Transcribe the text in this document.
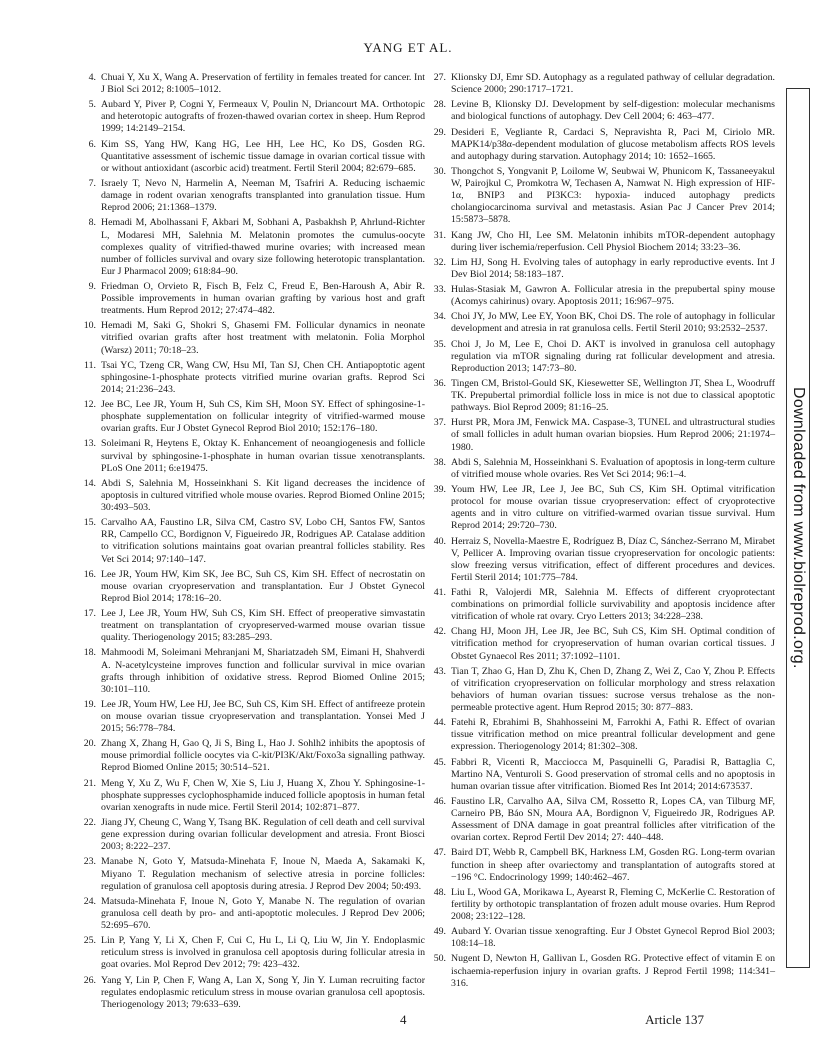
YANG ET AL.
4. Chuai Y, Xu X, Wang A. Preservation of fertility in females treated for cancer. Int J Biol Sci 2012; 8:1005–1012.
5. Aubard Y, Piver P, Cogni Y, Fermeaux V, Poulin N, Driancourt MA. Orthotopic and heterotopic autografts of frozen-thawed ovarian cortex in sheep. Hum Reprod 1999; 14:2149–2154.
6. Kim SS, Yang HW, Kang HG, Lee HH, Lee HC, Ko DS, Gosden RG. Quantitative assessment of ischemic tissue damage in ovarian cortical tissue with or without antioxidant (ascorbic acid) treatment. Fertil Steril 2004; 82:679–685.
7. Israely T, Nevo N, Harmelin A, Neeman M, Tsafriri A. Reducing ischaemic damage in rodent ovarian xenografts transplanted into granulation tissue. Hum Reprod 2006; 21:1368–1379.
8. Hemadi M, Abolhassani F, Akbari M, Sobhani A, Pasbakhsh P, Ahrlund-Richter L, Modaresi MH, Salehnia M. Melatonin promotes the cumulus-oocyte complexes quality of vitrified-thawed murine ovaries; with increased mean number of follicles survival and ovary size following heterotopic transplantation. Eur J Pharmacol 2009; 618:84–90.
9. Friedman O, Orvieto R, Fisch B, Felz C, Freud E, Ben-Haroush A, Abir R. Possible improvements in human ovarian grafting by various host and graft treatments. Hum Reprod 2012; 27:474–482.
10. Hemadi M, Saki G, Shokri S, Ghasemi FM. Follicular dynamics in neonate vitrified ovarian grafts after host treatment with melatonin. Folia Morphol (Warsz) 2011; 70:18–23.
11. Tsai YC, Tzeng CR, Wang CW, Hsu MI, Tan SJ, Chen CH. Antiapoptotic agent sphingosine-1-phosphate protects vitrified murine ovarian grafts. Reprod Sci 2014; 21:236–243.
12. Jee BC, Lee JR, Youm H, Suh CS, Kim SH, Moon SY. Effect of sphingosine-1-phosphate supplementation on follicular integrity of vitrified-warmed mouse ovarian grafts. Eur J Obstet Gynecol Reprod Biol 2010; 152:176–180.
13. Soleimani R, Heytens E, Oktay K. Enhancement of neoangiogenesis and follicle survival by sphingosine-1-phosphate in human ovarian tissue xenotransplants. PLoS One 2011; 6:e19475.
14. Abdi S, Salehnia M, Hosseinkhani S. Kit ligand decreases the incidence of apoptosis in cultured vitrified whole mouse ovaries. Reprod Biomed Online 2015; 30:493–503.
15. Carvalho AA, Faustino LR, Silva CM, Castro SV, Lobo CH, Santos FW, Santos RR, Campello CC, Bordignon V, Figueiredo JR, Rodrigues AP. Catalase addition to vitrification solutions maintains goat ovarian preantral follicles stability. Res Vet Sci 2014; 97:140–147.
16. Lee JR, Youm HW, Kim SK, Jee BC, Suh CS, Kim SH. Effect of necrostatin on mouse ovarian cryopreservation and transplantation. Eur J Obstet Gynecol Reprod Biol 2014; 178:16–20.
17. Lee J, Lee JR, Youm HW, Suh CS, Kim SH. Effect of preoperative simvastatin treatment on transplantation of cryopreserved-warmed mouse ovarian tissue quality. Theriogenology 2015; 83:285–293.
18. Mahmoodi M, Soleimani Mehranjani M, Shariatzadeh SM, Eimani H, Shahverdi A. N-acetylcysteine improves function and follicular survival in mice ovarian grafts through inhibition of oxidative stress. Reprod Biomed Online 2015; 30:101–110.
19. Lee JR, Youm HW, Lee HJ, Jee BC, Suh CS, Kim SH. Effect of antifreeze protein on mouse ovarian tissue cryopreservation and transplantation. Yonsei Med J 2015; 56:778–784.
20. Zhang X, Zhang H, Gao Q, Ji S, Bing L, Hao J. Sohlh2 inhibits the apoptosis of mouse primordial follicle oocytes via C-kit/PI3K/Akt/Foxo3a signalling pathway. Reprod Biomed Online 2015; 30:514–521.
21. Meng Y, Xu Z, Wu F, Chen W, Xie S, Liu J, Huang X, Zhou Y. Sphingosine-1-phosphate suppresses cyclophosphamide induced follicle apoptosis in human fetal ovarian xenografts in nude mice. Fertil Steril 2014; 102:871–877.
22. Jiang JY, Cheung C, Wang Y, Tsang BK. Regulation of cell death and cell survival gene expression during ovarian follicular development and atresia. Front Biosci 2003; 8:222–237.
23. Manabe N, Goto Y, Matsuda-Minehata F, Inoue N, Maeda A, Sakamaki K, Miyano T. Regulation mechanism of selective atresia in porcine follicles: regulation of granulosa cell apoptosis during atresia. J Reprod Dev 2004; 50:493.
24. Matsuda-Minehata F, Inoue N, Goto Y, Manabe N. The regulation of ovarian granulosa cell death by pro- and anti-apoptotic molecules. J Reprod Dev 2006; 52:695–670.
25. Lin P, Yang Y, Li X, Chen F, Cui C, Hu L, Li Q, Liu W, Jin Y. Endoplasmic reticulum stress is involved in granulosa cell apoptosis during follicular atresia in goat ovaries. Mol Reprod Dev 2012; 79: 423–432.
26. Yang Y, Lin P, Chen F, Wang A, Lan X, Song Y, Jin Y. Luman recruiting factor regulates endoplasmic reticulum stress in mouse ovarian granulosa cell apoptosis. Theriogenology 2013; 79:633–639.
27. Klionsky DJ, Emr SD. Autophagy as a regulated pathway of cellular degradation. Science 2000; 290:1717–1721.
28. Levine B, Klionsky DJ. Development by self-digestion: molecular mechanisms and biological functions of autophagy. Dev Cell 2004; 6: 463–477.
29. Desideri E, Vegliante R, Cardaci S, Nepravishta R, Paci M, Ciriolo MR. MAPK14/p38α-dependent modulation of glucose metabolism affects ROS levels and autophagy during starvation. Autophagy 2014; 10: 1652–1665.
30. Thongchot S, Yongvanit P, Loilome W, Seubwai W, Phunicom K, Tassaneeyakul W, Pairojkul C, Promkotra W, Techasen A, Namwat N. High expression of HIF-1α, BNIP3 and PI3KC3: hypoxia- induced autophagy predicts cholangiocarcinoma survival and metastasis. Asian Pac J Cancer Prev 2014; 15:5873–5878.
31. Kang JW, Cho HI, Lee SM. Melatonin inhibits mTOR-dependent autophagy during liver ischemia/reperfusion. Cell Physiol Biochem 2014; 33:23–36.
32. Lim HJ, Song H. Evolving tales of autophagy in early reproductive events. Int J Dev Biol 2014; 58:183–187.
33. Hulas-Stasiak M, Gawron A. Follicular atresia in the prepubertal spiny mouse (Acomys cahirinus) ovary. Apoptosis 2011; 16:967–975.
34. Choi JY, Jo MW, Lee EY, Yoon BK, Choi DS. The role of autophagy in follicular development and atresia in rat granulosa cells. Fertil Steril 2010; 93:2532–2537.
35. Choi J, Jo M, Lee E, Choi D. AKT is involved in granulosa cell autophagy regulation via mTOR signaling during rat follicular development and atresia. Reproduction 2013; 147:73–80.
36. Tingen CM, Bristol-Gould SK, Kiesewetter SE, Wellington JT, Shea L, Woodruff TK. Prepubertal primordial follicle loss in mice is not due to classical apoptotic pathways. Biol Reprod 2009; 81:16–25.
37. Hurst PR, Mora JM, Fenwick MA. Caspase-3, TUNEL and ultrastructural studies of small follicles in adult human ovarian biopsies. Hum Reprod 2006; 21:1974–1980.
38. Abdi S, Salehnia M, Hosseinkhani S. Evaluation of apoptosis in long-term culture of vitrified mouse whole ovaries. Res Vet Sci 2014; 96:1–4.
39. Youm HW, Lee JR, Lee J, Jee BC, Suh CS, Kim SH. Optimal vitrification protocol for mouse ovarian tissue cryopreservation: effect of cryoprotective agents and in vitro culture on vitrified-warmed ovarian tissue survival. Hum Reprod 2014; 29:720–730.
40. Herraiz S, Novella-Maestre E, Rodríguez B, Díaz C, Sánchez-Serrano M, Mirabet V, Pellicer A. Improving ovarian tissue cryopreservation for oncologic patients: slow freezing versus vitrification, effect of different procedures and devices. Fertil Steril 2014; 101:775–784.
41. Fathi R, Valojerdi MR, Salehnia M. Effects of different cryoprotectant combinations on primordial follicle survivability and apoptosis incidence after vitrification of whole rat ovary. Cryo Letters 2013; 34:228–238.
42. Chang HJ, Moon JH, Lee JR, Jee BC, Suh CS, Kim SH. Optimal condition of vitrification method for cryopreservation of human ovarian cortical tissues. J Obstet Gynaecol Res 2011; 37:1092–1101.
43. Tian T, Zhao G, Han D, Zhu K, Chen D, Zhang Z, Wei Z, Cao Y, Zhou P. Effects of vitrification cryopreservation on follicular morphology and stress relaxation behaviors of human ovarian tissues: sucrose versus trehalose as the non-permeable protective agent. Hum Reprod 2015; 30: 877–883.
44. Fatehi R, Ebrahimi B, Shahhosseini M, Farrokhi A, Fathi R. Effect of ovarian tissue vitrification method on mice preantral follicular development and gene expression. Theriogenology 2014; 81:302–308.
45. Fabbri R, Vicenti R, Macciocca M, Pasquinelli G, Paradisi R, Battaglia C, Martino NA, Venturoli S. Good preservation of stromal cells and no apoptosis in human ovarian tissue after vitrification. Biomed Res Int 2014; 2014:673537.
46. Faustino LR, Carvalho AA, Silva CM, Rossetto R, Lopes CA, van Tilburg MF, Carneiro PB, Báo SN, Moura AA, Bordignon V, Figueiredo JR, Rodrigues AP. Assessment of DNA damage in goat preantral follicles after vitrification of the ovarian cortex. Reprod Fertil Dev 2014; 27: 440–448.
47. Baird DT, Webb R, Campbell BK, Harkness LM, Gosden RG. Long-term ovarian function in sheep after ovariectomy and transplantation of autografts stored at −196 °C. Endocrinology 1999; 140:462–467.
48. Liu L, Wood GA, Morikawa L, Ayearst R, Fleming C, McKerlie C. Restoration of fertility by orthotopic transplantation of frozen adult mouse ovaries. Hum Reprod 2008; 23:122–128.
49. Aubard Y. Ovarian tissue xenografting. Eur J Obstet Gynecol Reprod Biol 2003; 108:14–18.
50. Nugent D, Newton H, Gallivan L, Gosden RG. Protective effect of vitamin E on ischaemia-reperfusion injury in ovarian grafts. J Reprod Fertil 1998; 114:341–316.
Downloaded from www.biolreprod.org.
4	Article 137
